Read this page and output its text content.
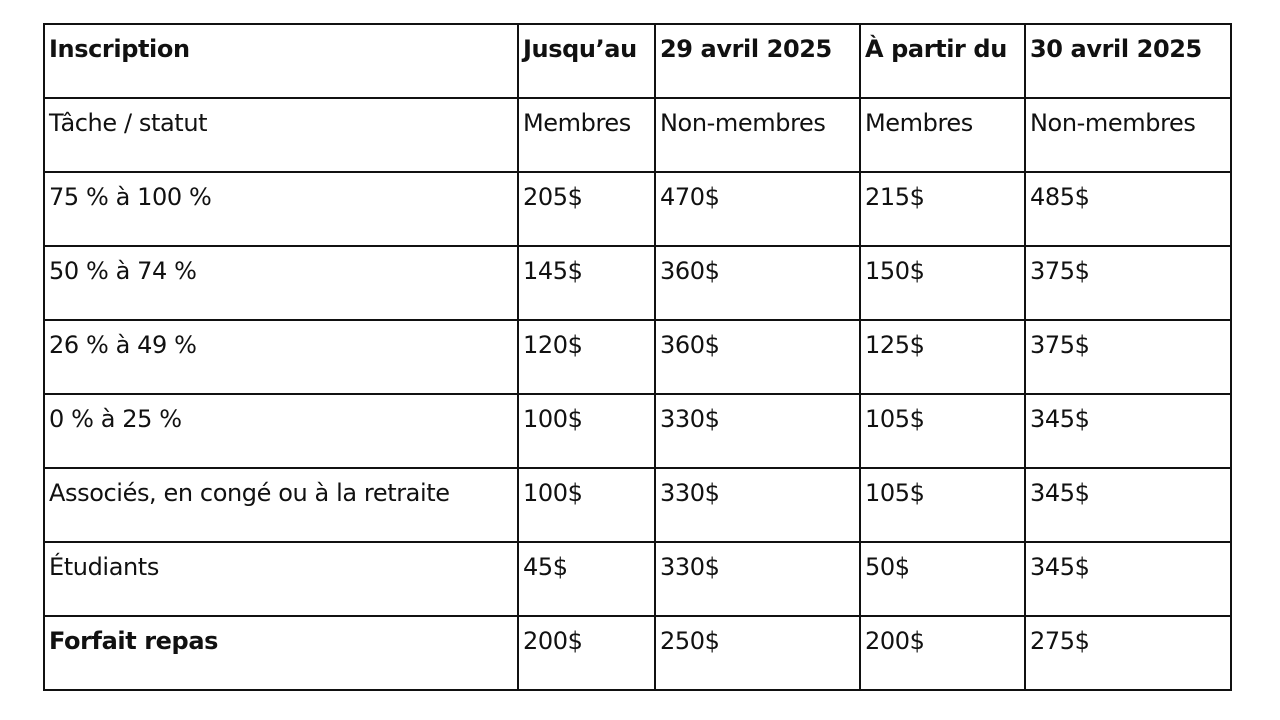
Inscription	Jusqu’au	29 avril 2025	À partir du	30 avril 2025
Tâche / statut	Membres	Non-membres	Membres	Non-membres
75 % à 100 %	205$	470$	215$	485$
50 % à 74 %	145$	360$	150$	375$
26 % à 49 %	120$	360$	125$	375$
0 % à 25 %	100$	330$	105$	345$
Associés, en congé ou à la retraite	100$	330$	105$	345$
Étudiants	45$	330$	50$	345$
Forfait repas	200$	250$	200$	275$
